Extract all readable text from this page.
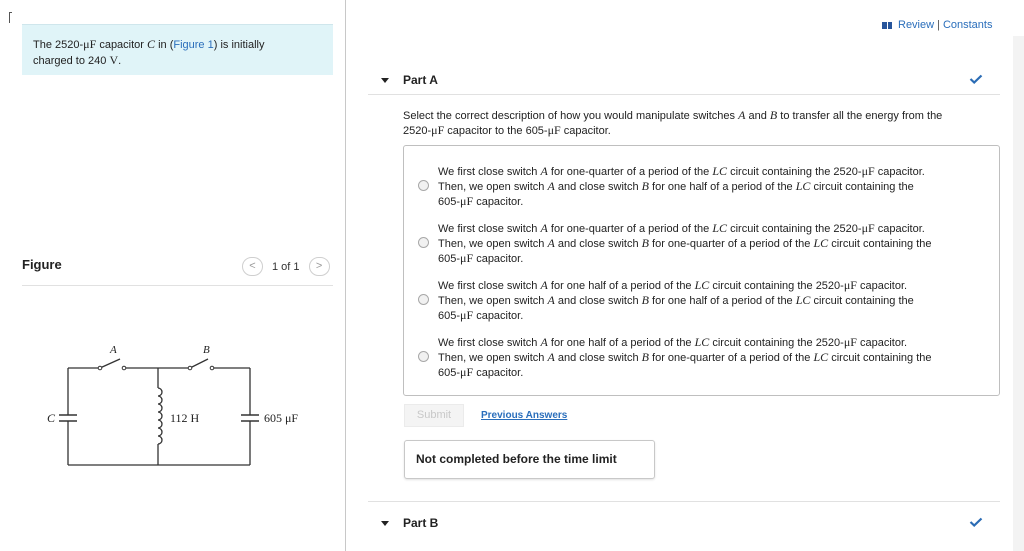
The 2520-μF capacitor C in (Figure 1) is initially
charged to 240 V.
Figure	<	1 of 1	>
A	B
C	112 H	605 μF
Review | Constants
Part A
Select the correct description of how you would manipulate switches A and B to transfer all the energy from the
2520-μF capacitor to the 605-μF capacitor.
We first close switch A for one-quarter of a period of the LC circuit containing the 2520-μF capacitor.
Then, we open switch A and close switch B for one half of a period of the LC circuit containing the
605-μF capacitor.
We first close switch A for one-quarter of a period of the LC circuit containing the 2520-μF capacitor.
Then, we open switch A and close switch B for one-quarter of a period of the LC circuit containing the
605-μF capacitor.
We first close switch A for one half of a period of the LC circuit containing the 2520-μF capacitor.
Then, we open switch A and close switch B for one half of a period of the LC circuit containing the
605-μF capacitor.
We first close switch A for one half of a period of the LC circuit containing the 2520-μF capacitor.
Then, we open switch A and close switch B for one-quarter of a period of the LC circuit containing the
605-μF capacitor.
Submit	Previous Answers
Not completed before the time limit
Part B
